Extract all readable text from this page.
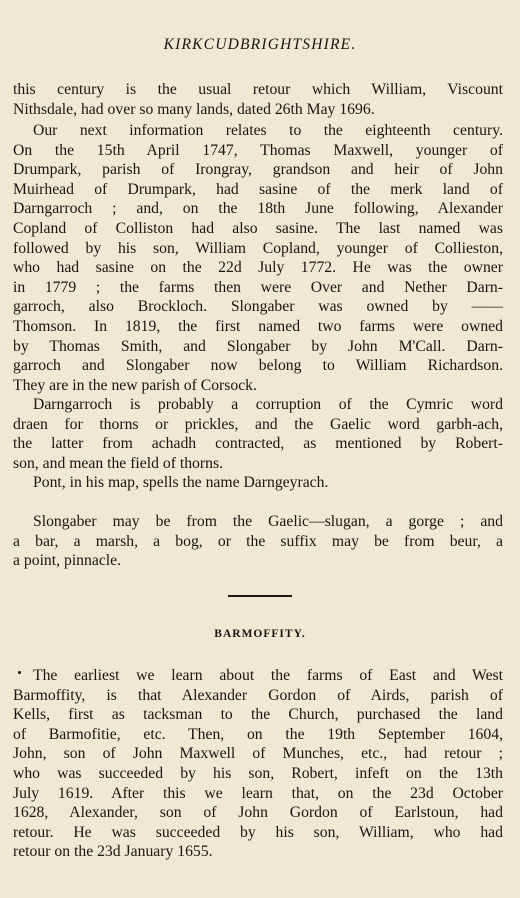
KIRKCUDBRIGHTSHIRE.
this century is the usual retour which William, Viscount
Nithsdale, had over so many lands, dated 26th May 1696.
Our next information relates to the eighteenth century.
On the 15th April 1747, Thomas Maxwell, younger of
Drumpark, parish of Irongray, grandson and heir of John
Muirhead of Drumpark, had sasine of the merk land of
Darngarroch ; and, on the 18th June following, Alexander
Copland of Colliston had also sasine. The last named was
followed by his son, William Copland, younger of Collieston,
who had sasine on the 22d July 1772. He was the owner
in 1779 ; the farms then were Over and Nether Darn-
garroch, also Brockloch. Slongaber was owned by ——
Thomson. In 1819, the first named two farms were owned
by Thomas Smith, and Slongaber by John M'Call. Darn-
garroch and Slongaber now belong to William Richardson.
They are in the new parish of Corsock.
Darngarroch is probably a corruption of the Cymric word
draen for thorns or prickles, and the Gaelic word garbh-ach,
the latter from achadh contracted, as mentioned by Robert-
son, and mean the field of thorns.
Pont, in his map, spells the name Darngeyrach.
Slongaber may be from the Gaelic—slugan, a gorge ; and
a bar, a marsh, a bog, or the suffix may be from beur, a
a point, pinnacle.
BARMOFFITY.
The earliest we learn about the farms of East and West
Barmoffity, is that Alexander Gordon of Airds, parish of
Kells, first as tacksman to the Church, purchased the land
of Barmofitie, etc. Then, on the 19th September 1604,
John, son of John Maxwell of Munches, etc., had retour ;
who was succeeded by his son, Robert, infeft on the 13th
July 1619. After this we learn that, on the 23d October
1628, Alexander, son of John Gordon of Earlstoun, had
retour. He was succeeded by his son, William, who had
retour on the 23d January 1655.
